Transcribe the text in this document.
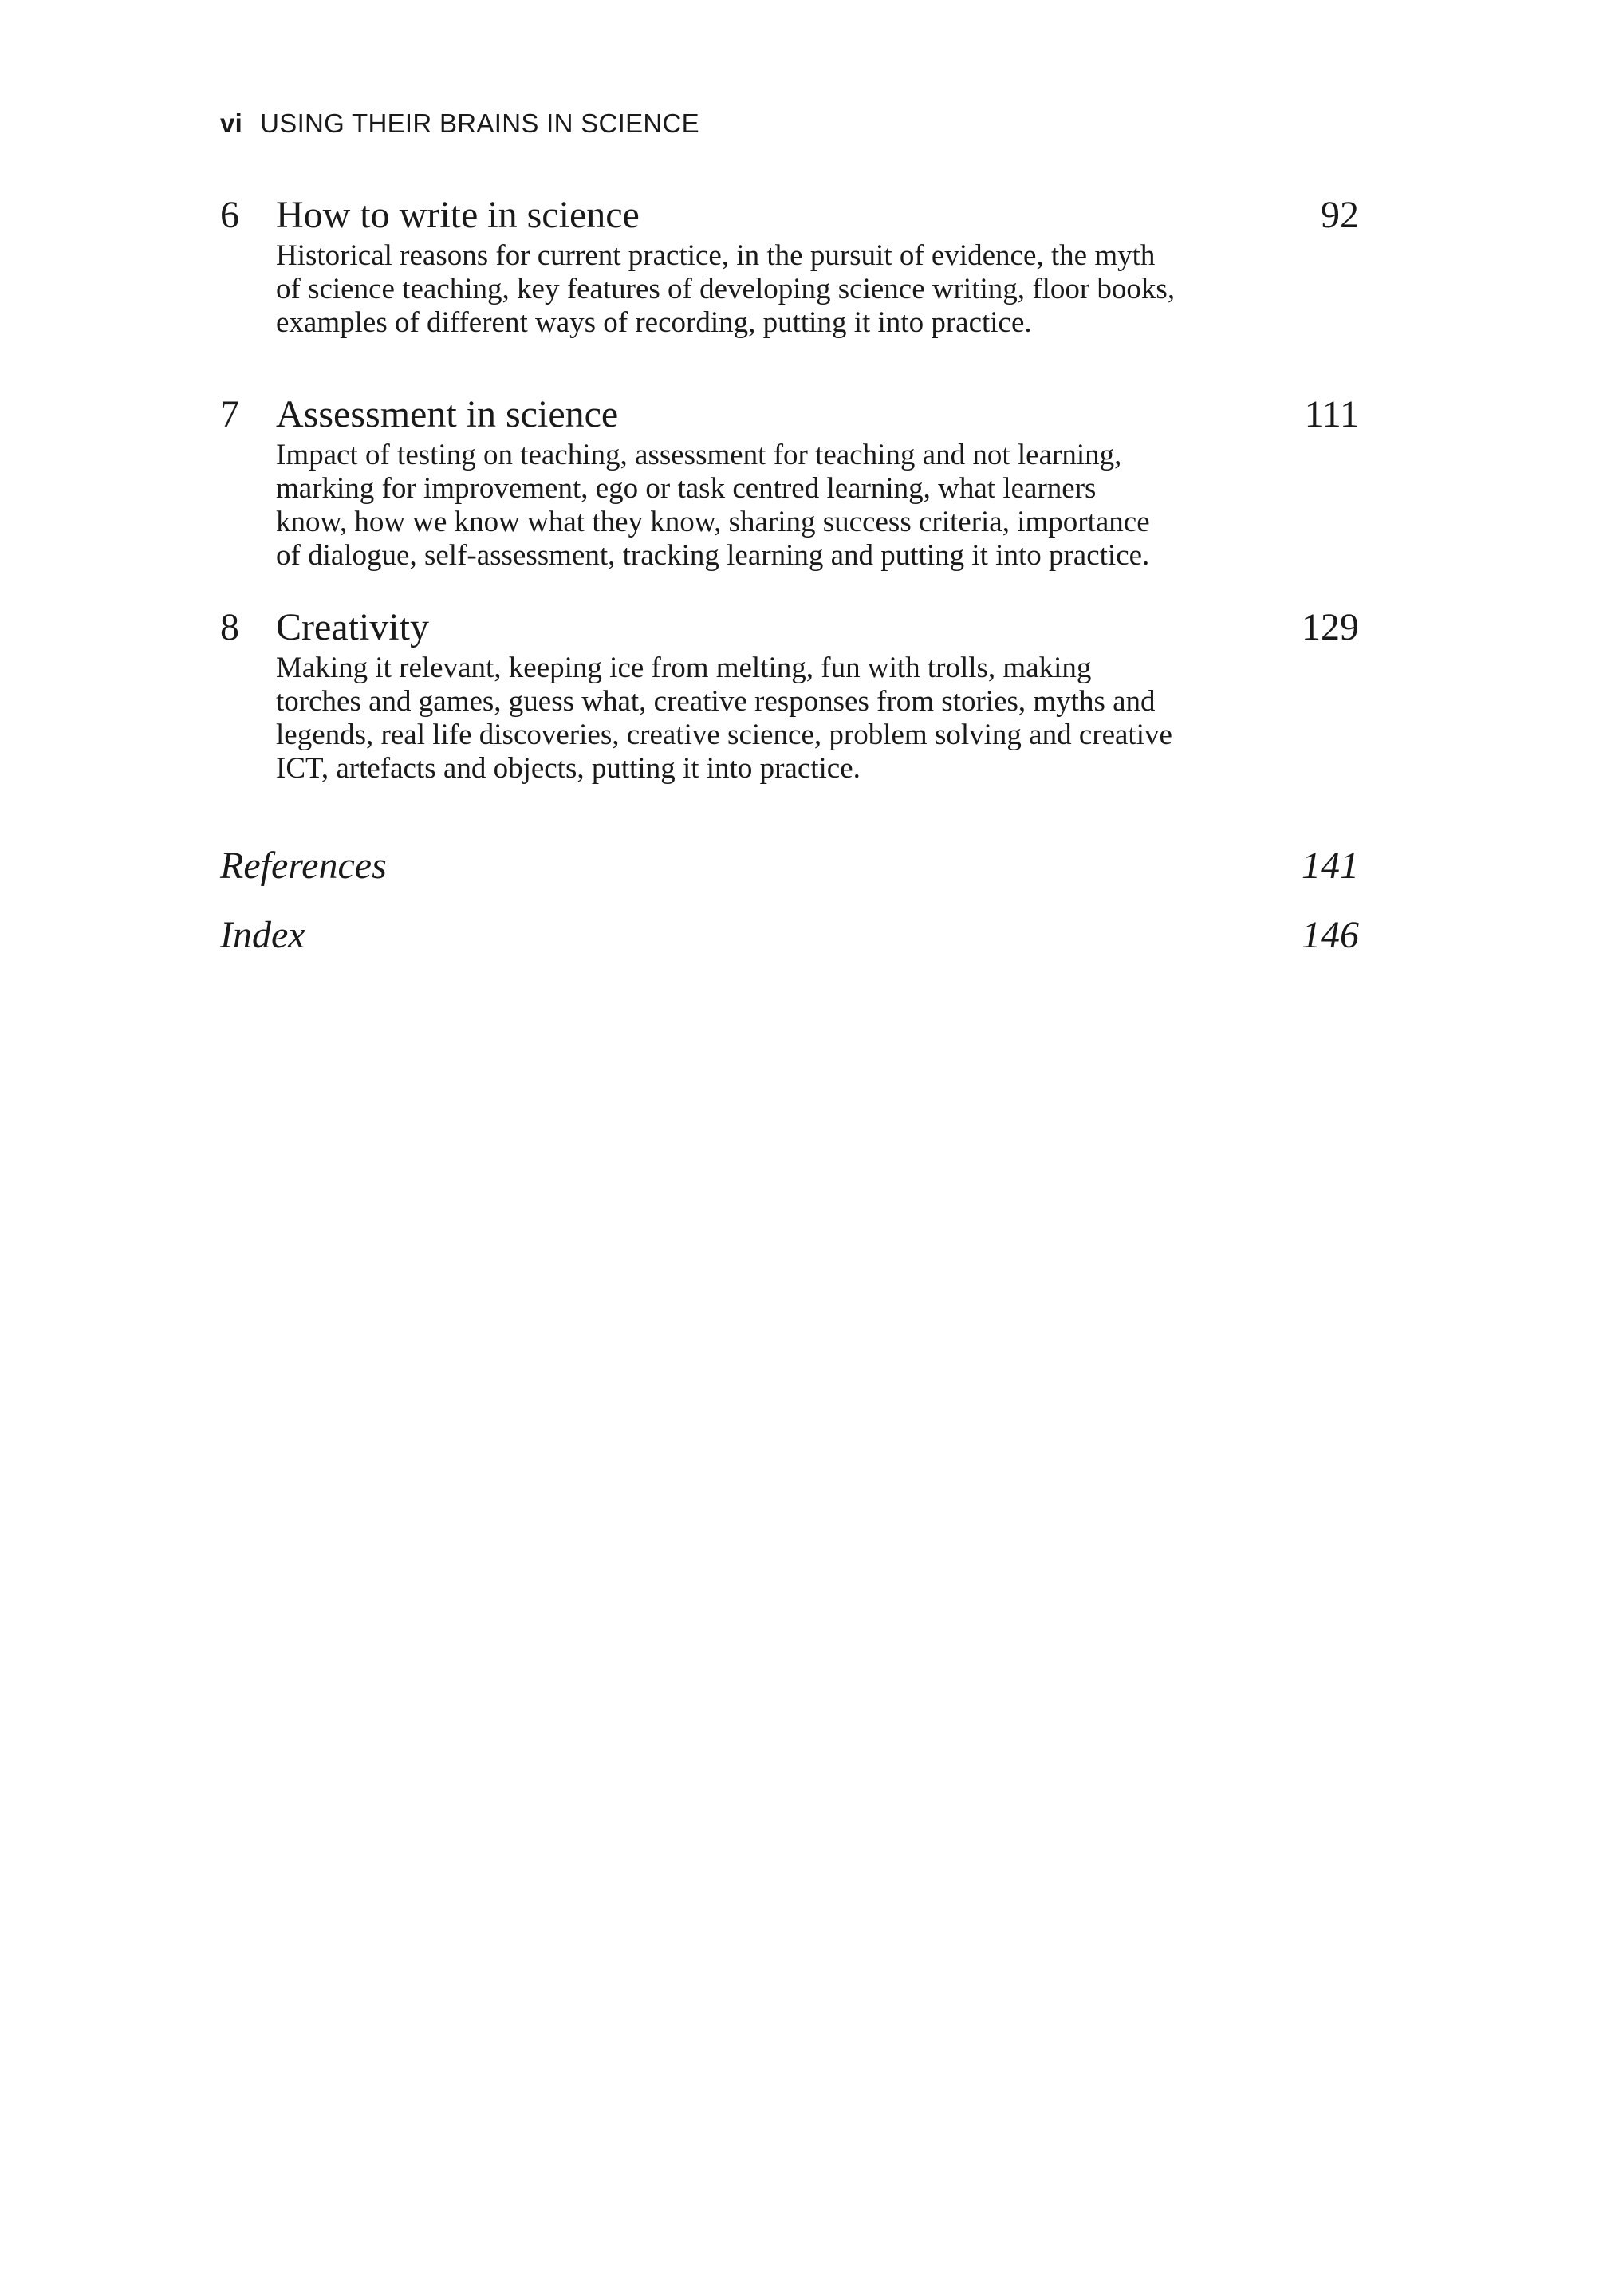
vi USING THEIR BRAINS IN SCIENCE
6 How to write in science	92
Historical reasons for current practice, in the pursuit of evidence, the myth
of science teaching, key features of developing science writing, floor books,
examples of different ways of recording, putting it into practice.
7 Assessment in science	111
Impact of testing on teaching, assessment for teaching and not learning,
marking for improvement, ego or task centred learning, what learners
know, how we know what they know, sharing success criteria, importance
of dialogue, self-assessment, tracking learning and putting it into practice.
8 Creativity	129
Making it relevant, keeping ice from melting, fun with trolls, making
torches and games, guess what, creative responses from stories, myths and
legends, real life discoveries, creative science, problem solving and creative
ICT, artefacts and objects, putting it into practice.
References	141
Index	146
